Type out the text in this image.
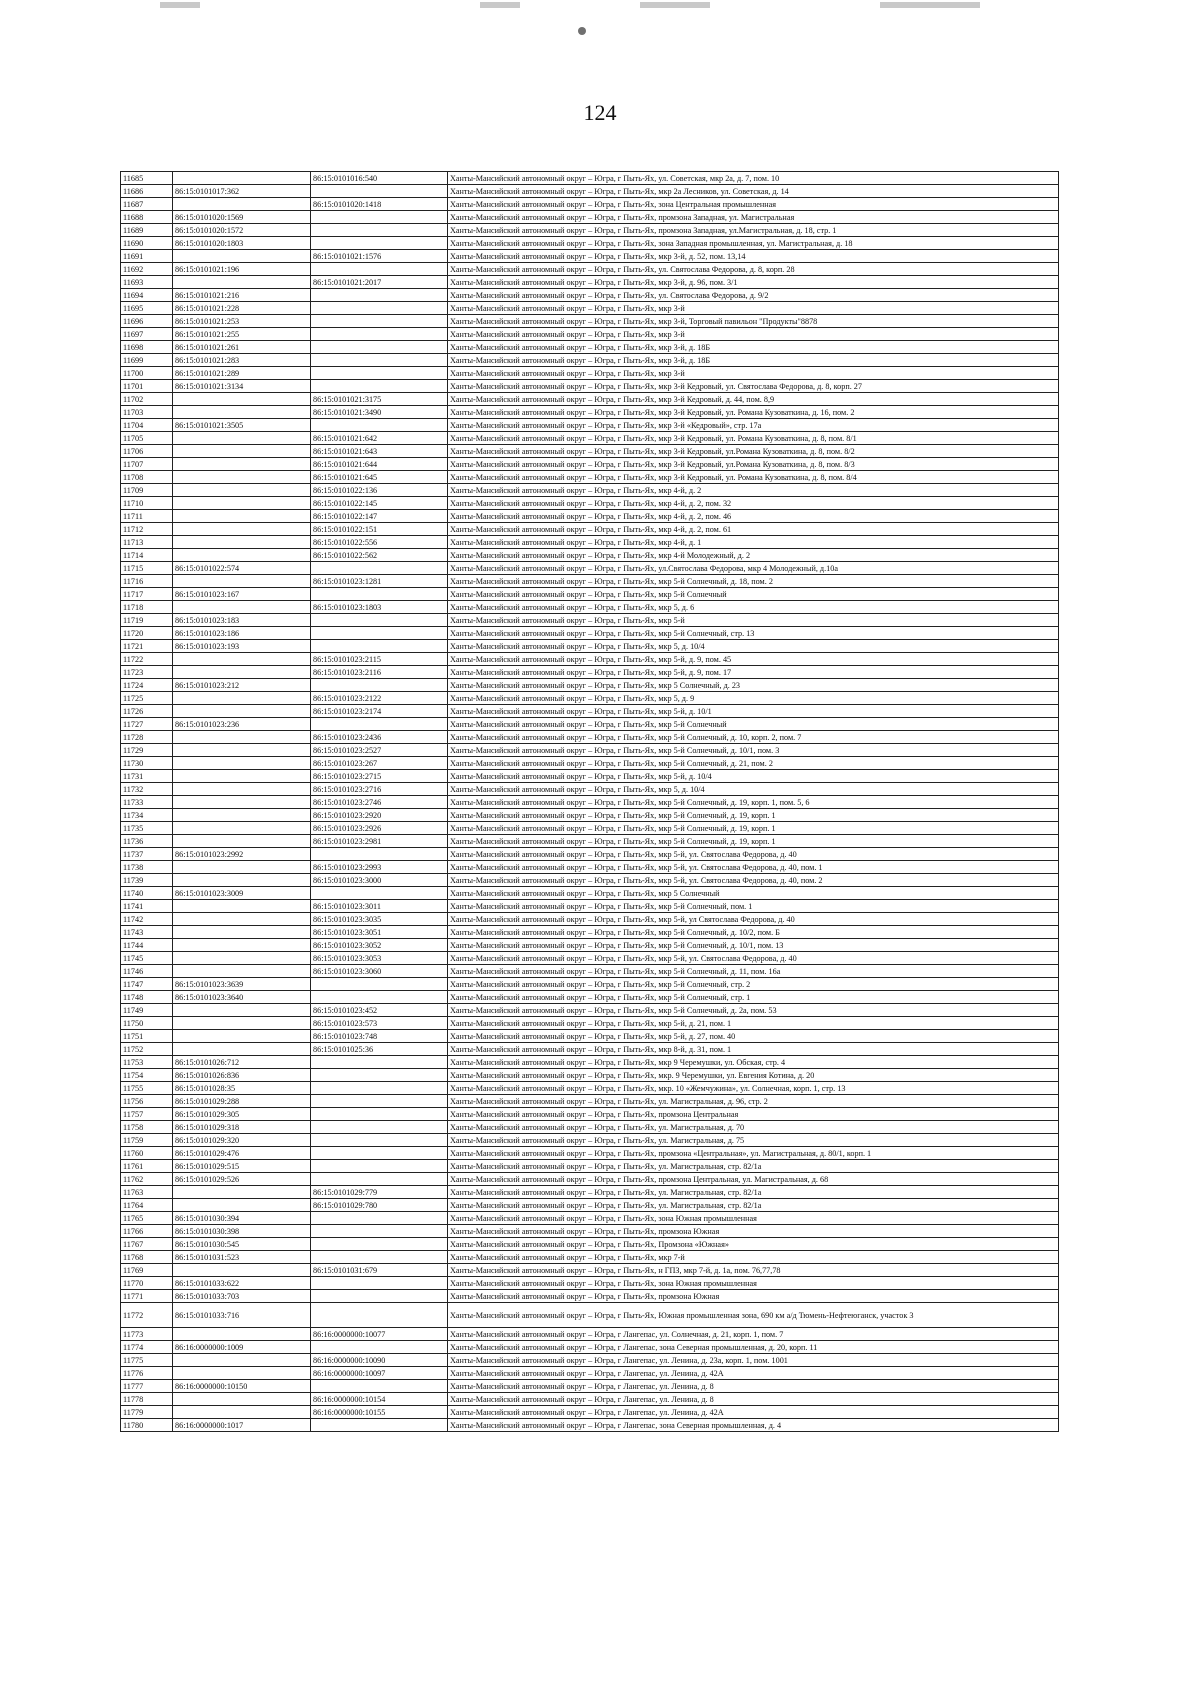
124
11685		86:15:0101016:540	Ханты-Мансийский автономный округ – Югра, г Пыть-Ях, ул. Советская, мкр 2а, д. 7, пом. 10
11686	86:15:0101017:362		Ханты-Мансийский автономный округ – Югра, г Пыть-Ях, мкр 2а Лесников, ул. Советская, д. 14
11687		86:15:0101020:1418	Ханты-Мансийский автономный округ – Югра, г Пыть-Ях, зона Центральная промышленная
11688	86:15:0101020:1569		Ханты-Мансийский автономный округ – Югра, г Пыть-Ях, промзона Западная, ул. Магистральная
11689	86:15:0101020:1572		Ханты-Мансийский автономный округ – Югра, г Пыть-Ях, промзона Западная, ул.Магистральная, д. 18, стр. 1
11690	86:15:0101020:1803		Ханты-Мансийский автономный округ – Югра, г Пыть-Ях, зона Западная промышленная, ул. Магистральная, д. 18
11691		86:15:0101021:1576	Ханты-Мансийский автономный округ – Югра, г Пыть-Ях, мкр 3-й, д. 52, пом. 13,14
11692	86:15:0101021:196		Ханты-Мансийский автономный округ – Югра, г Пыть-Ях, ул. Святослава Федорова, д. 8, корп. 28
11693		86:15:0101021:2017	Ханты-Мансийский автономный округ – Югра, г Пыть-Ях, мкр 3-й, д. 96, пом. 3/1
11694	86:15:0101021:216		Ханты-Мансийский автономный округ – Югра, г Пыть-Ях, ул. Святослава Федорова, д. 9/2
11695	86:15:0101021:228		Ханты-Мансийский автономный округ – Югра, г Пыть-Ях, мкр 3-й
11696	86:15:0101021:253		Ханты-Мансийский автономный округ – Югра, г Пыть-Ях, мкр 3-й, Торговый павильон "Продукты"8878
11697	86:15:0101021:255		Ханты-Мансийский автономный округ – Югра, г Пыть-Ях, мкр 3-й
11698	86:15:0101021:261		Ханты-Мансийский автономный округ – Югра, г Пыть-Ях, мкр 3-й, д. 18Б
11699	86:15:0101021:283		Ханты-Мансийский автономный округ – Югра, г Пыть-Ях, мкр 3-й, д. 18Б
11700	86:15:0101021:289		Ханты-Мансийский автономный округ – Югра, г Пыть-Ях, мкр 3-й
11701	86:15:0101021:3134		Ханты-Мансийский автономный округ – Югра, г Пыть-Ях, мкр 3-й Кедровый, ул. Святослава Федорова, д. 8, корп. 27
11702		86:15:0101021:3175	Ханты-Мансийский автономный округ – Югра, г Пыть-Ях, мкр 3-й Кедровый, д. 44, пом. 8,9
11703		86:15:0101021:3490	Ханты-Мансийский автономный округ – Югра, г Пыть-Ях, мкр 3-й Кедровый, ул. Романа Кузоваткина, д. 16, пом. 2
11704	86:15:0101021:3505		Ханты-Мансийский автономный округ – Югра, г Пыть-Ях, мкр 3-й «Кедровый», стр. 17а
11705		86:15:0101021:642	Ханты-Мансийский автономный округ – Югра, г Пыть-Ях, мкр 3-й Кедровый, ул. Романа Кузоваткина, д. 8, пом. 8/1
11706		86:15:0101021:643	Ханты-Мансийский автономный округ – Югра, г Пыть-Ях, мкр 3-й Кедровый, ул.Романа Кузоваткина, д. 8, пом. 8/2
11707		86:15:0101021:644	Ханты-Мансийский автономный округ – Югра, г Пыть-Ях, мкр 3-й Кедровый, ул.Романа Кузоваткина, д. 8, пом. 8/3
11708		86:15:0101021:645	Ханты-Мансийский автономный округ – Югра, г Пыть-Ях, мкр 3-й Кедровый, ул. Романа Кузоваткина, д. 8, пом. 8/4
11709		86:15:0101022:136	Ханты-Мансийский автономный округ – Югра, г Пыть-Ях, мкр 4-й, д. 2
11710		86:15:0101022:145	Ханты-Мансийский автономный округ – Югра, г Пыть-Ях, мкр 4-й, д. 2, пом. 32
11711		86:15:0101022:147	Ханты-Мансийский автономный округ – Югра, г Пыть-Ях, мкр 4-й, д. 2, пом. 46
11712		86:15:0101022:151	Ханты-Мансийский автономный округ – Югра, г Пыть-Ях, мкр 4-й, д. 2, пом. 61
11713		86:15:0101022:556	Ханты-Мансийский автономный округ – Югра, г Пыть-Ях, мкр 4-й, д. 1
11714		86:15:0101022:562	Ханты-Мансийский автономный округ – Югра, г Пыть-Ях, мкр 4-й Молодежный, д. 2
11715	86:15:0101022:574		Ханты-Мансийский автономный округ – Югра, г Пыть-Ях, ул.Святослава Федорова, мкр 4 Молодежный, д.10а
11716		86:15:0101023:1281	Ханты-Мансийский автономный округ – Югра, г Пыть-Ях, мкр 5-й Солнечный, д. 18, пом. 2
11717	86:15:0101023:167		Ханты-Мансийский автономный округ – Югра, г Пыть-Ях, мкр 5-й Солнечный
11718		86:15:0101023:1803	Ханты-Мансийский автономный округ – Югра, г Пыть-Ях, мкр 5, д. 6
11719	86:15:0101023:183		Ханты-Мансийский автономный округ – Югра, г Пыть-Ях, мкр 5-й
11720	86:15:0101023:186		Ханты-Мансийский автономный округ – Югра, г Пыть-Ях, мкр 5-й Солнечный, стр. 13
11721	86:15:0101023:193		Ханты-Мансийский автономный округ – Югра, г Пыть-Ях, мкр 5, д. 10/4
11722		86:15:0101023:2115	Ханты-Мансийский автономный округ – Югра, г Пыть-Ях, мкр 5-й, д. 9, пом. 45
11723		86:15:0101023:2116	Ханты-Мансийский автономный округ – Югра, г Пыть-Ях, мкр 5-й, д. 9, пом. 17
11724	86:15:0101023:212		Ханты-Мансийский автономный округ – Югра, г Пыть-Ях, мкр 5 Солнечный, д. 23
11725		86:15:0101023:2122	Ханты-Мансийский автономный округ – Югра, г Пыть-Ях, мкр 5, д. 9
11726		86:15:0101023:2174	Ханты-Мансийский автономный округ – Югра, г Пыть-Ях, мкр 5-й, д. 10/1
11727	86:15:0101023:236		Ханты-Мансийский автономный округ – Югра, г Пыть-Ях, мкр 5-й Солнечный
11728		86:15:0101023:2436	Ханты-Мансийский автономный округ – Югра, г Пыть-Ях, мкр 5-й Солнечный, д. 10, корп. 2, пом. 7
11729		86:15:0101023:2527	Ханты-Мансийский автономный округ – Югра, г Пыть-Ях, мкр 5-й Солнечный, д. 10/1, пом. 3
11730		86:15:0101023:267	Ханты-Мансийский автономный округ – Югра, г Пыть-Ях, мкр 5-й Солнечный, д. 21, пом. 2
11731		86:15:0101023:2715	Ханты-Мансийский автономный округ – Югра, г Пыть-Ях, мкр 5-й, д. 10/4
11732		86:15:0101023:2716	Ханты-Мансийский автономный округ – Югра, г Пыть-Ях, мкр 5, д. 10/4
11733		86:15:0101023:2746	Ханты-Мансийский автономный округ – Югра, г Пыть-Ях, мкр 5-й Солнечный, д. 19, корп. 1, пом. 5, 6
11734		86:15:0101023:2920	Ханты-Мансийский автономный округ – Югра, г Пыть-Ях, мкр 5-й Солнечный, д. 19, корп. 1
11735		86:15:0101023:2926	Ханты-Мансийский автономный округ – Югра, г Пыть-Ях, мкр 5-й Солнечный, д. 19, корп. 1
11736		86:15:0101023:2981	Ханты-Мансийский автономный округ – Югра, г Пыть-Ях, мкр 5-й Солнечный, д. 19, корп. 1
11737	86:15:0101023:2992		Ханты-Мансийский автономный округ – Югра, г Пыть-Ях, мкр 5-й, ул. Святослава Федорова, д. 40
11738		86:15:0101023:2993	Ханты-Мансийский автономный округ – Югра, г Пыть-Ях, мкр 5-й, ул. Святослава Федорова, д. 40, пом. 1
11739		86:15:0101023:3000	Ханты-Мансийский автономный округ – Югра, г Пыть-Ях, мкр 5-й, ул. Святослава Федорова, д. 40, пом. 2
11740	86:15:0101023:3009		Ханты-Мансийский автономный округ – Югра, г Пыть-Ях, мкр 5 Солнечный
11741		86:15:0101023:3011	Ханты-Мансийский автономный округ – Югра, г Пыть-Ях, мкр 5-й Солнечный, пом. 1
11742		86:15:0101023:3035	Ханты-Мансийский автономный округ – Югра, г Пыть-Ях, мкр 5-й, ул Святослава Федорова, д. 40
11743		86:15:0101023:3051	Ханты-Мансийский автономный округ – Югра, г Пыть-Ях, мкр 5-й Солнечный, д. 10/2, пом. Б
11744		86:15:0101023:3052	Ханты-Мансийский автономный округ – Югра, г Пыть-Ях, мкр 5-й Солнечный, д. 10/1, пом. 13
11745		86:15:0101023:3053	Ханты-Мансийский автономный округ – Югра, г Пыть-Ях, мкр 5-й, ул. Святослава Федорова, д. 40
11746		86:15:0101023:3060	Ханты-Мансийский автономный округ – Югра, г Пыть-Ях, мкр 5-й Солнечный, д. 11, пом. 16а
11747	86:15:0101023:3639		Ханты-Мансийский автономный округ – Югра, г Пыть-Ях, мкр 5-й Солнечный, стр. 2
11748	86:15:0101023:3640		Ханты-Мансийский автономный округ – Югра, г Пыть-Ях, мкр 5-й Солнечный, стр. 1
11749		86:15:0101023:452	Ханты-Мансийский автономный округ – Югра, г Пыть-Ях, мкр 5-й Солнечный, д. 2а, пом. 53
11750		86:15:0101023:573	Ханты-Мансийский автономный округ – Югра, г Пыть-Ях, мкр 5-й, д. 21, пом. 1
11751		86:15:0101023:748	Ханты-Мансийский автономный округ – Югра, г Пыть-Ях, мкр 5-й, д. 27, пом. 40
11752		86:15:0101025:36	Ханты-Мансийский автономный округ – Югра, г Пыть-Ях, мкр 8-й, д. 31, пом. 1
11753	86:15:0101026:712		Ханты-Мансийский автономный округ – Югра, г Пыть-Ях, мкр 9 Черемушки, ул. Обская, стр. 4
11754	86:15:0101026:836		Ханты-Мансийский автономный округ – Югра, г Пыть-Ях, мкр. 9 Черемушки, ул. Евгения Котина, д. 20
11755	86:15:0101028:35		Ханты-Мансийский автономный округ – Югра, г Пыть-Ях, мкр. 10 «Жемчужина», ул. Солнечная, корп. 1, стр. 13
11756	86:15:0101029:288		Ханты-Мансийский автономный округ – Югра, г Пыть-Ях, ул. Магистральная, д. 96, стр. 2
11757	86:15:0101029:305		Ханты-Мансийский автономный округ – Югра, г Пыть-Ях, промзона Центральная
11758	86:15:0101029:318		Ханты-Мансийский автономный округ – Югра, г Пыть-Ях, ул. Магистральная, д. 70
11759	86:15:0101029:320		Ханты-Мансийский автономный округ – Югра, г Пыть-Ях, ул. Магистральная, д. 75
11760	86:15:0101029:476		Ханты-Мансийский автономный округ – Югра, г Пыть-Ях, промзона «Центральная», ул. Магистральная, д. 80/1, корп. 1
11761	86:15:0101029:515		Ханты-Мансийский автономный округ – Югра, г Пыть-Ях, ул. Магистральная, стр. 82/1а
11762	86:15:0101029:526		Ханты-Мансийский автономный округ – Югра, г Пыть-Ях, промзона Центральная, ул. Магистральная, д. 68
11763		86:15:0101029:779	Ханты-Мансийский автономный округ – Югра, г Пыть-Ях, ул. Магистральная, стр. 82/1а
11764		86:15:0101029:780	Ханты-Мансийский автономный округ – Югра, г Пыть-Ях, ул. Магистральная, стр. 82/1а
11765	86:15:0101030:394		Ханты-Мансийский автономный округ – Югра, г Пыть-Ях, зона Южная промышленная
11766	86:15:0101030:398		Ханты-Мансийский автономный округ – Югра, г Пыть-Ях, промзона Южная
11767	86:15:0101030:545		Ханты-Мансийский автономный округ – Югра, г Пыть-Ях, Промзона «Южная»
11768	86:15:0101031:523		Ханты-Мансийский автономный округ – Югра, г Пыть-Ях, мкр 7-й
11769		86:15:0101031:679	Ханты-Мансийский автономный округ – Югра, г Пыть-Ях, н ГПЗ, мкр 7-й, д. 1а, пом. 76,77,78
11770	86:15:0101033:622		Ханты-Мансийский автономный округ – Югра, г Пыть-Ях, зона Южная промышленная
11771	86:15:0101033:703		Ханты-Мансийский автономный округ – Югра, г Пыть-Ях, промзона Южная
11772	86:15:0101033:716		Ханты-Мансийский автономный округ – Югра, г Пыть-Ях, Южная промышленная зона, 690 км а/д Тюмень-Нефтеюганск, участок 3
11773		86:16:0000000:10077	Ханты-Мансийский автономный округ – Югра, г Лангепас, ул. Солнечная, д. 21, корп. 1, пом. 7
11774	86:16:0000000:1009		Ханты-Мансийский автономный округ – Югра, г Лангепас, зона Северная промышленная, д. 20, корп. 11
11775		86:16:0000000:10090	Ханты-Мансийский автономный округ – Югра, г Лангепас, ул. Ленина, д. 23а, корп. 1, пом. 1001
11776		86:16:0000000:10097	Ханты-Мансийский автономный округ – Югра, г Лангепас, ул. Ленина, д. 42А
11777	86:16:0000000:10150		Ханты-Мансийский автономный округ – Югра, г Лангепас, ул. Ленина, д. 8
11778		86:16:0000000:10154	Ханты-Мансийский автономный округ – Югра, г Лангепас, ул. Ленина, д. 8
11779		86:16:0000000:10155	Ханты-Мансийский автономный округ – Югра, г Лангепас, ул. Ленина, д. 42А
11780	86:16:0000000:1017		Ханты-Мансийский автономный округ – Югра, г Лангепас, зона Северная промышленная, д. 4
